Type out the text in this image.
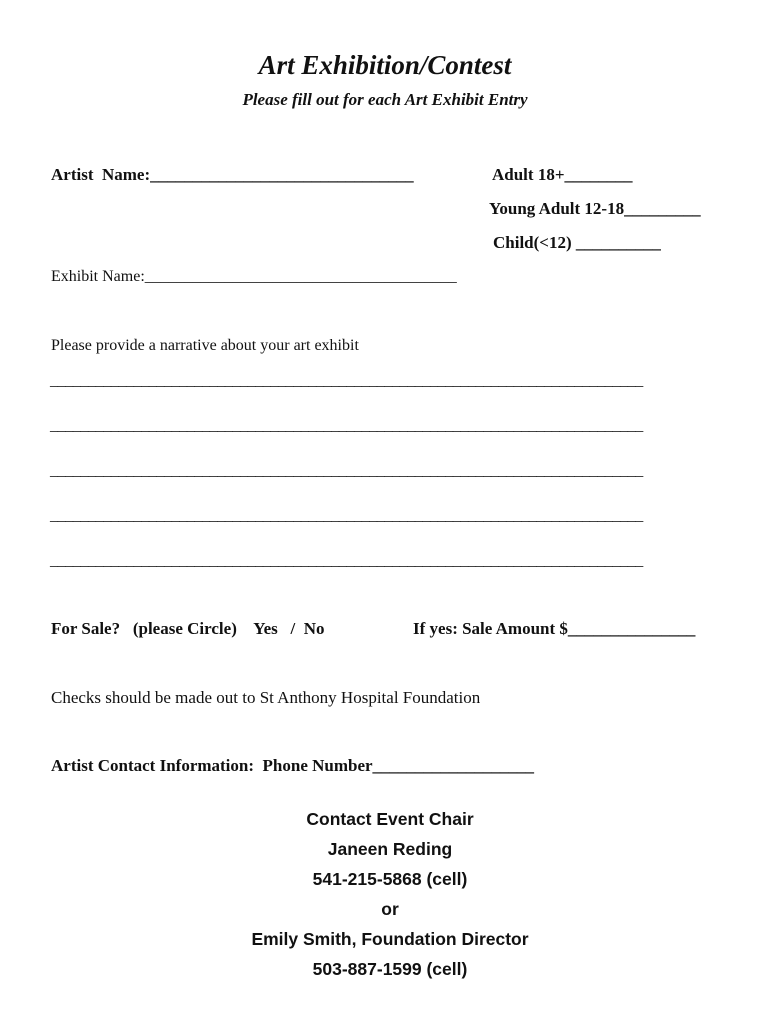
Art Exhibition/Contest
Please fill out for each Art Exhibit Entry
Artist  Name:_______________________________	Adult 18+________
Young Adult 12-18_________
Child(<12) __________
Exhibit Name:_______________________________________
Please provide a narrative about your art exhibit
______________________________________________________________________________
______________________________________________________________________________
______________________________________________________________________________
______________________________________________________________________________
______________________________________________________________________________
For Sale?   (please Circle)    Yes   /  No	If yes: Sale Amount $_______________
Checks should be made out to St Anthony Hospital Foundation
Artist Contact Information:  Phone Number___________________
Contact Event Chair
Janeen Reding
541-215-5868 (cell)
or
Emily Smith, Foundation Director
503-887-1599 (cell)
